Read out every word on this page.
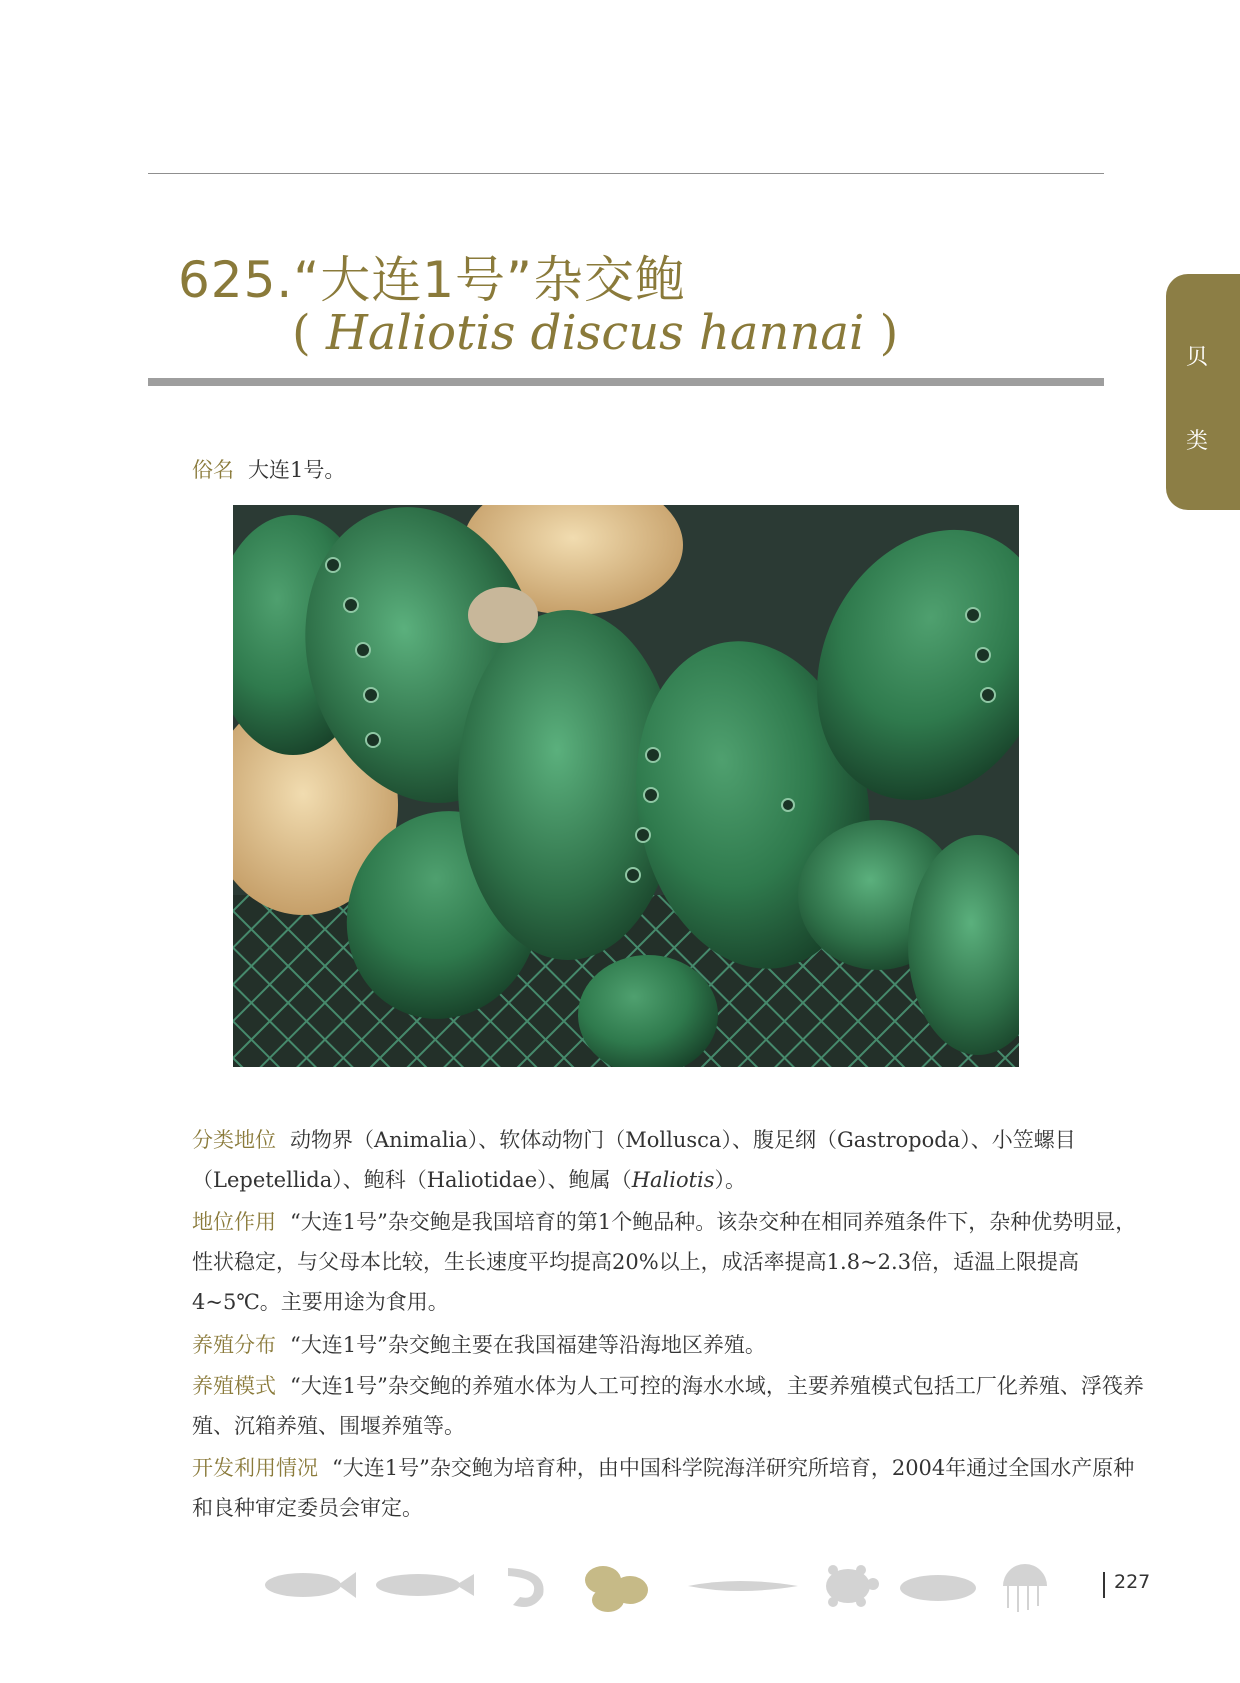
625.“大连1号”杂交鲍
( Haliotis discus hannai )	贝
类
俗名 大连1号。
分类地位 动物界（Animalia）、软体动物门（Mollusca）、腹足纲（Gastropoda）、小笠螺目（Lepetellida）、鲍科（Haliotidae）、鲍属（Haliotis）。
地位作用 “大连1号”杂交鲍是我国培育的第1个鲍品种。该杂交种在相同养殖条件下，杂种优势明显，性状稳定，与父母本比较，生长速度平均提高20%以上，成活率提高1.8~2.3倍，适温上限提高4~5℃。主要用途为食用。
养殖分布 “大连1号”杂交鲍主要在我国福建等沿海地区养殖。
养殖模式 “大连1号”杂交鲍的养殖水体为人工可控的海水水域，主要养殖模式包括工厂化养殖、浮筏养殖、沉箱养殖、围堰养殖等。
开发利用情况 “大连1号”杂交鲍为培育种，由中国科学院海洋研究所培育，2004年通过全国水产原种和良种审定委员会审定。
227
